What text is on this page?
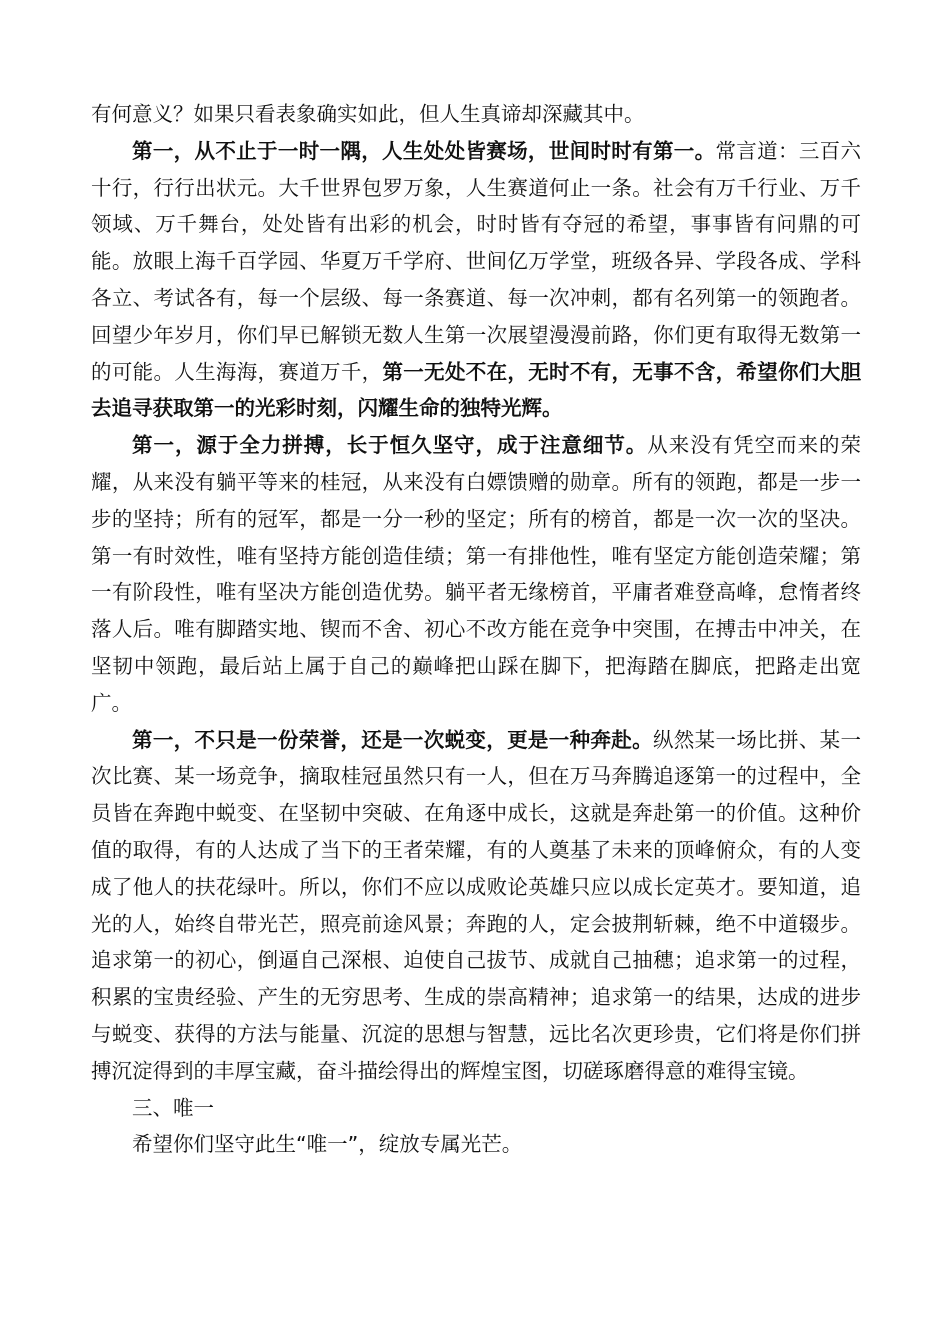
有何意义？如果只看表象确实如此，但人生真谛却深藏其中。

第一，从不止于一时一隅，人生处处皆赛场，世间时时有第一。常言道：三百六十行，行行出状元。大千世界包罗万象，人生赛道何止一条。社会有万千行业、万千领域、万千舞台，处处皆有出彩的机会，时时皆有夺冠的希望，事事皆有问鼎的可能。放眼上海千百学园、华夏万千学府、世间亿万学堂，班级各异、学段各成、学科各立、考试各有，每一个层级、每一条赛道、每一次冲刺，都有名列第一的领跑者。回望少年岁月，你们早已解锁无数人生第一次展望漫漫前路，你们更有取得无数第一的可能。人生海海，赛道万千，第一无处不在，无时不有，无事不含，希望你们大胆去追寻获取第一的光彩时刻，闪耀生命的独特光辉。

第一，源于全力拼搏，长于恒久坚守，成于注意细节。从来没有凭空而来的荣耀，从来没有躺平等来的桂冠，从来没有白嫖馈赠的勋章。所有的领跑，都是一步一步的坚持；所有的冠军，都是一分一秒的坚定；所有的榜首，都是一次一次的坚决。第一有时效性，唯有坚持方能创造佳绩；第一有排他性，唯有坚定方能创造荣耀；第一有阶段性，唯有坚决方能创造优势。躺平者无缘榜首，平庸者难登高峰，怠惰者终落人后。唯有脚踏实地、锲而不舍、初心不改方能在竞争中突围，在搏击中冲关，在坚韧中领跑，最后站上属于自己的巅峰把山踩在脚下，把海踏在脚底，把路走出宽广。

第一，不只是一份荣誉，还是一次蜕变，更是一种奔赴。纵然某一场比拼、某一次比赛、某一场竞争，摘取桂冠虽然只有一人，但在万马奔腾追逐第一的过程中，全员皆在奔跑中蜕变、在坚韧中突破、在角逐中成长，这就是奔赴第一的价值。这种价值的取得，有的人达成了当下的王者荣耀，有的人奠基了未来的顶峰俯众，有的人变成了他人的扶花绿叶。所以，你们不应以成败论英雄只应以成长定英才。要知道，追光的人，始终自带光芒，照亮前途风景；奔跑的人，定会披荆斩棘，绝不中道辍步。追求第一的初心，倒逼自己深根、迫使自己拔节、成就自己抽穗；追求第一的过程，积累的宝贵经验、产生的无穷思考、生成的崇高精神；追求第一的结果，达成的进步与蜕变、获得的方法与能量、沉淀的思想与智慧，远比名次更珍贵，它们将是你们拼搏沉淀得到的丰厚宝藏，奋斗描绘得出的辉煌宝图，切磋琢磨得意的难得宝镜。

三、唯一

希望你们坚守此生“唯一”，绽放专属光芒。
